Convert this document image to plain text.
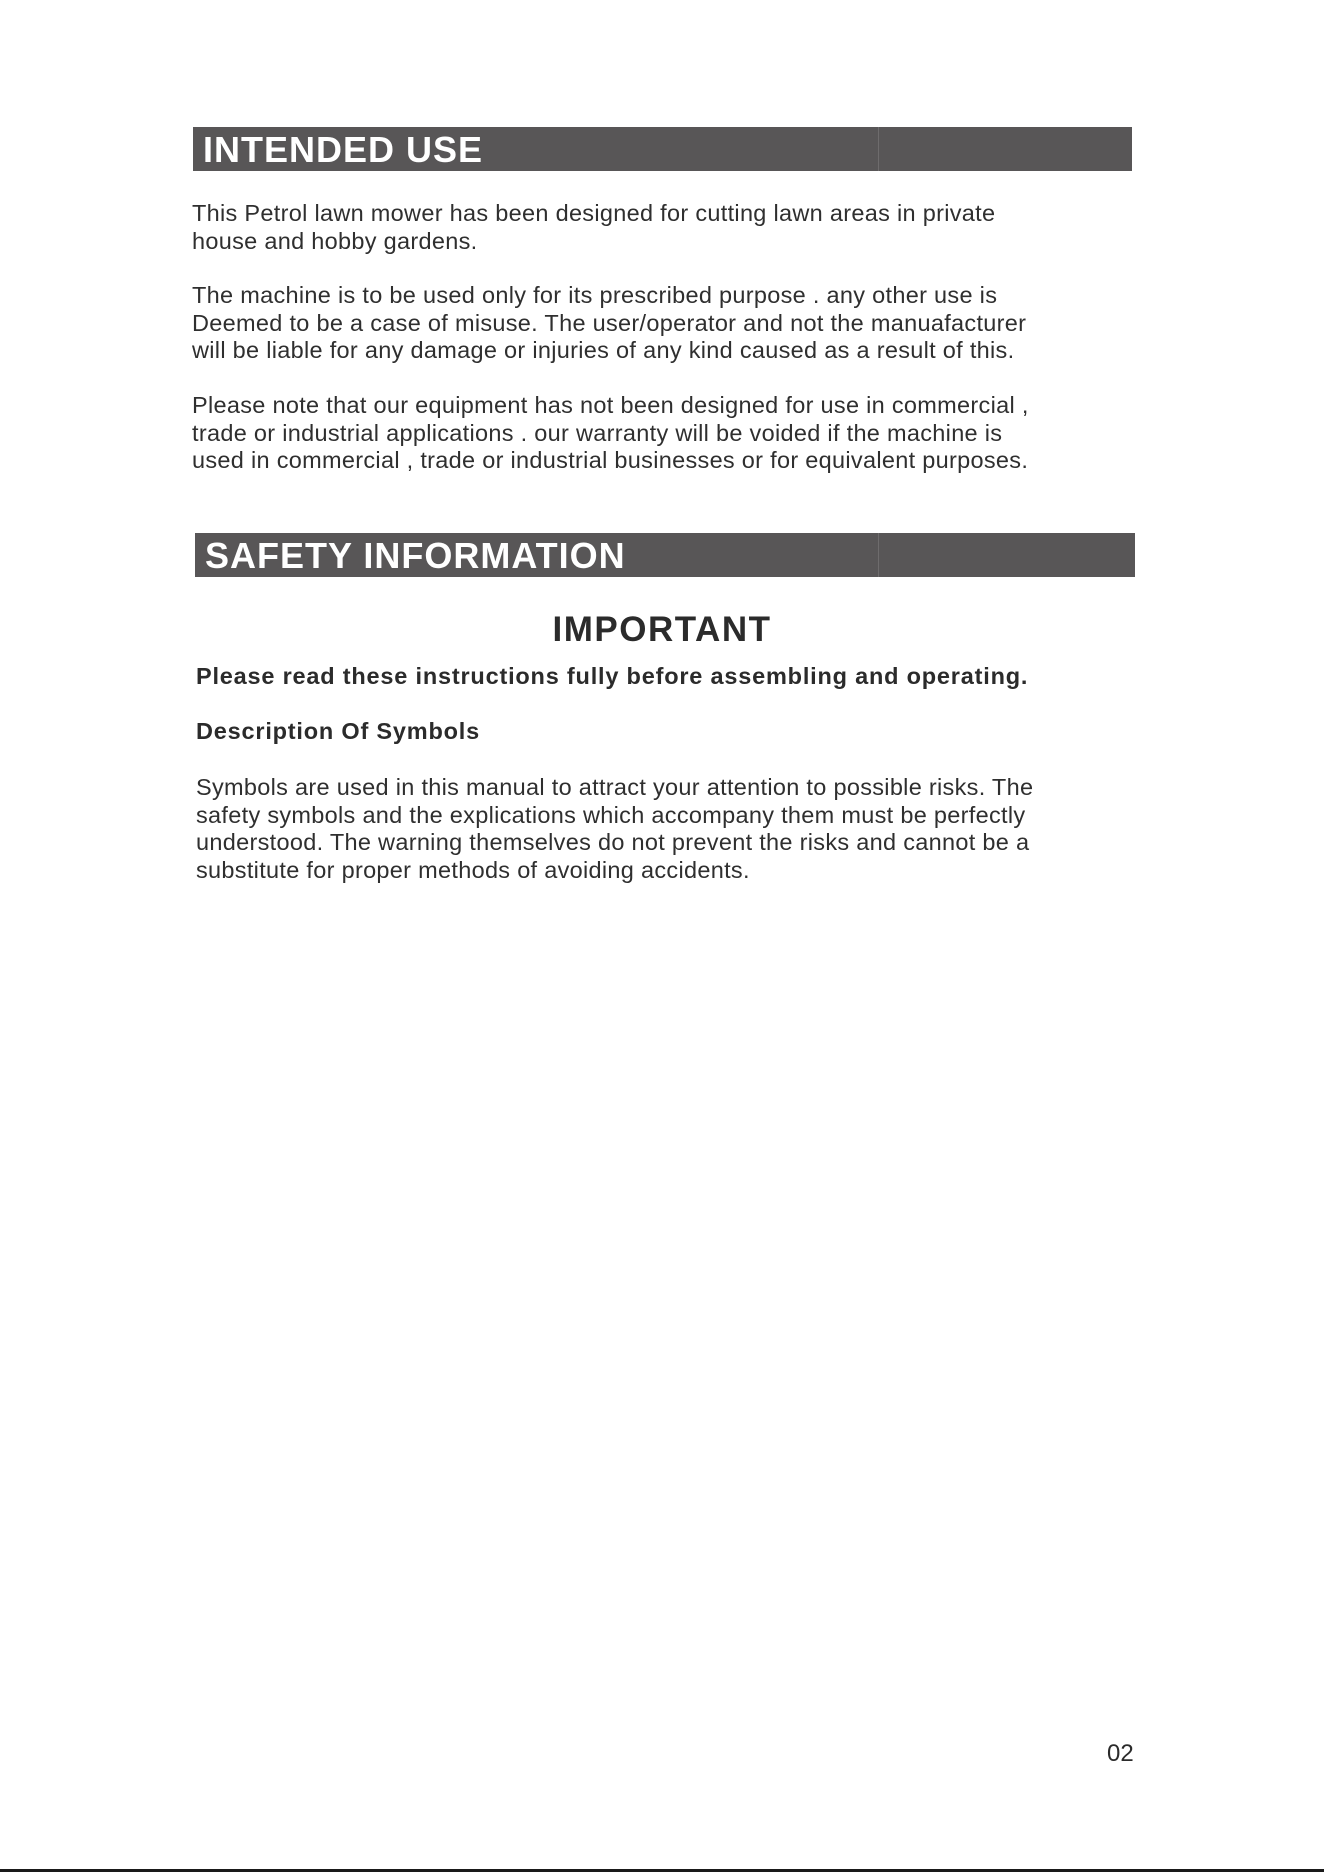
INTENDED USE
This Petrol lawn mower has been designed for cutting lawn areas in private
house and hobby gardens.
The machine is to be used only for its prescribed purpose . any other use is
Deemed to be a case of misuse. The user/operator and not the manuafacturer
will be liable for any damage or injuries of any kind caused as a result of this.
Please note that our equipment has not been designed for use in commercial ,
trade or industrial applications . our warranty will be voided if the machine is
used in commercial , trade or industrial businesses or for equivalent purposes.
SAFETY INFORMATION
IMPORTANT
Please read these instructions fully before assembling and operating.
Description Of Symbols
Symbols are used in this manual to attract your attention to possible risks. The
safety symbols and the explications which accompany them must be perfectly
understood. The warning themselves do not prevent the risks and cannot be a
substitute for proper methods of avoiding accidents.
02
